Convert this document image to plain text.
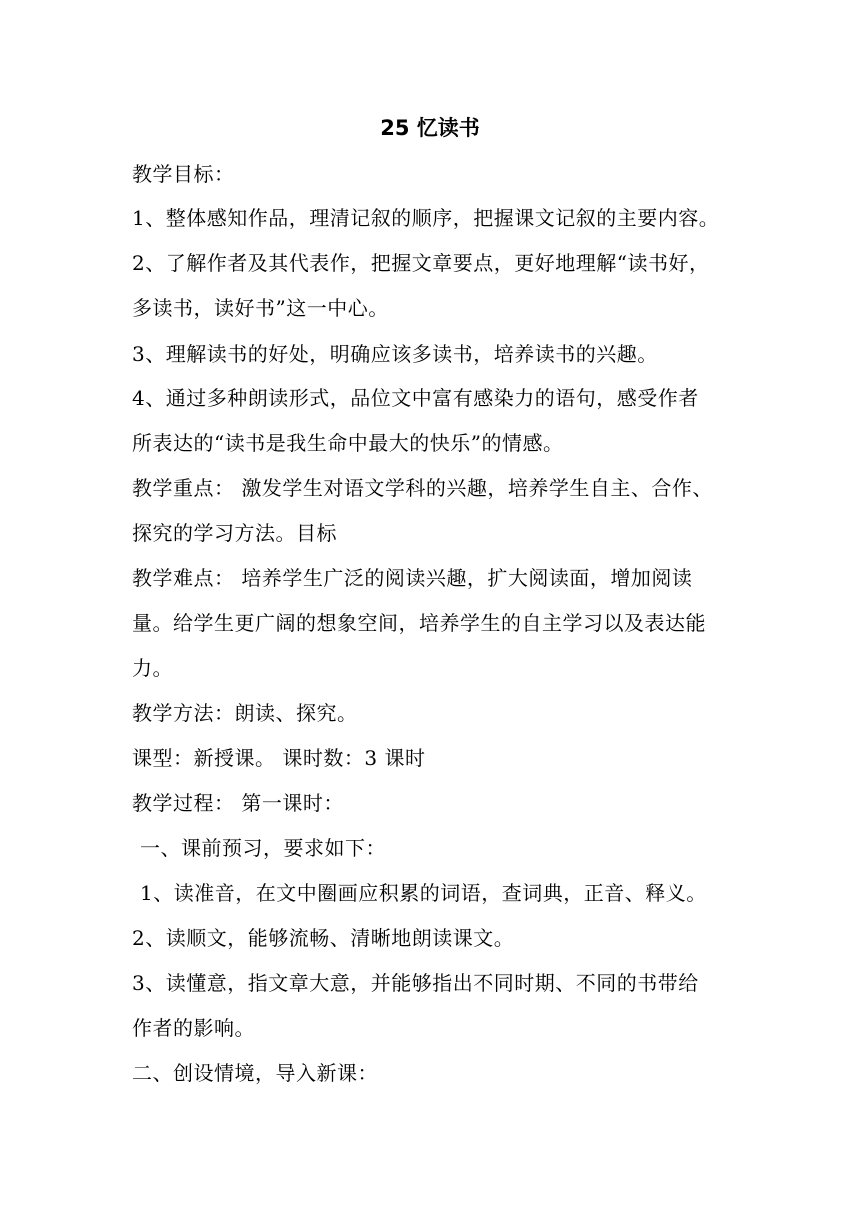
25 忆读书
教学目标：
1、整体感知作品，理清记叙的顺序，把握课文记叙的主要内容。
2、了解作者及其代表作，把握文章要点，更好地理解“读书好，
多读书，读好书”这一中心。
3、理解读书的好处，明确应该多读书，培养读书的兴趣。
4、通过多种朗读形式，品位文中富有感染力的语句，感受作者
所表达的“读书是我生命中最大的快乐”的情感。
教学重点： 激发学生对语文学科的兴趣，培养学生自主、合作、
探究的学习方法。目标
教学难点： 培养学生广泛的阅读兴趣，扩大阅读面，增加阅读
量。给学生更广阔的想象空间，培养学生的自主学习以及表达能
力。
教学方法：朗读、探究。
课型：新授课。 课时数：3 课时
教学过程： 第一课时：
一、课前预习，要求如下：
1、读准音，在文中圈画应积累的词语，查词典，正音、释义。
2、读顺文，能够流畅、清晰地朗读课文。
3、读懂意，指文章大意，并能够指出不同时期、不同的书带给
作者的影响。
二、创设情境，导入新课：
